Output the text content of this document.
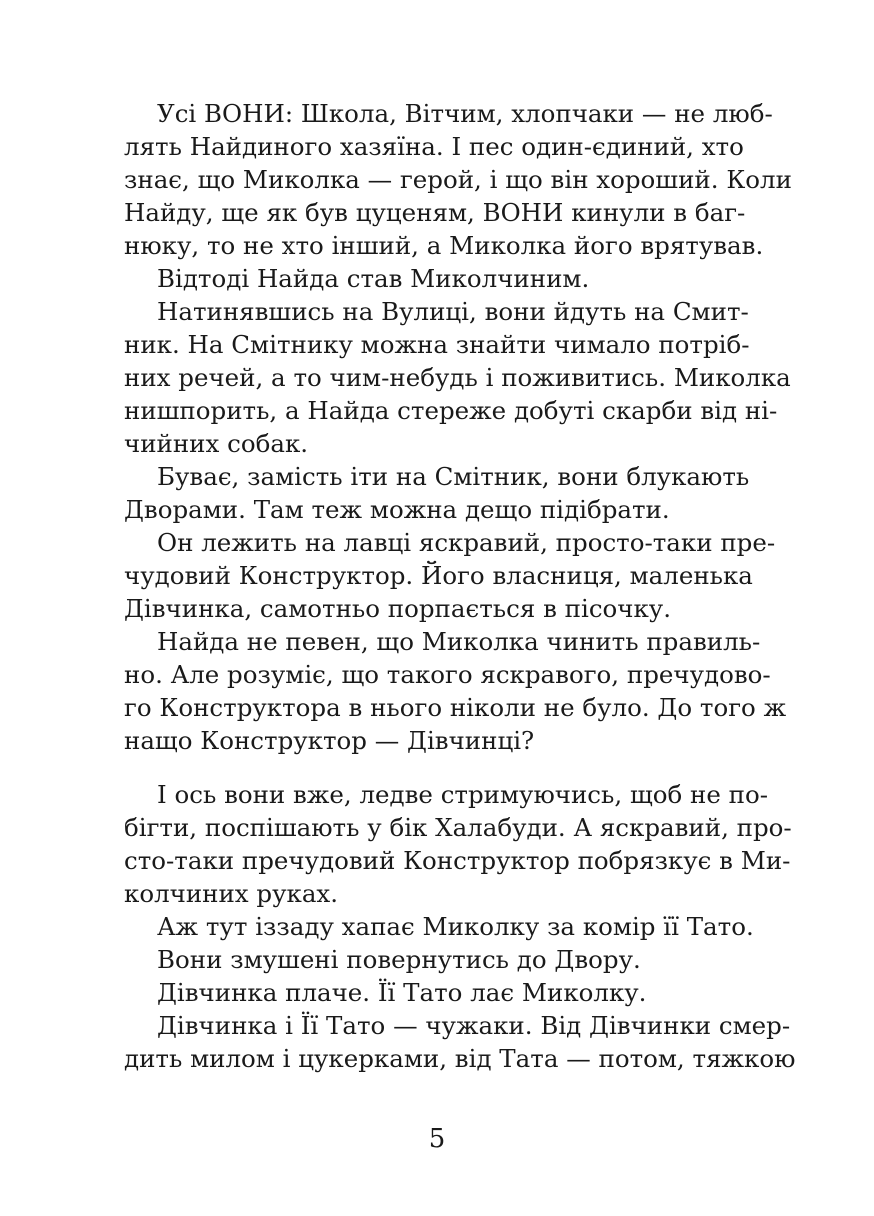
Усі ВОНИ: Школа, Вітчим, хлопчаки — не люб-
лять Найдиного хазяїна. І пес один-єдиний, хто
знає, що Миколка — герой, і що він хороший. Коли
Найду, ще як був цуценям, ВОНИ кинули в баг-
нюку, то не хто інший, а Миколка його врятував.
Відтоді Найда став Миколчиним.
Натинявшись на Вулиці, вони йдуть на Смит-
ник. На Смітнику можна знайти чимало потріб-
них речей, а то чим-небудь і поживитись. Миколка
нишпорить, а Найда стереже добуті скарби від ні-
чийних собак.
Буває, замість іти на Смітник, вони блукають
Дворами. Там теж можна дещо підібрати.
Он лежить на лавці яскравий, просто-таки пре-
чудовий Конструктор. Його власниця, маленька
Дівчинка, самотньо порпається в пісочку.
Найда не певен, що Миколка чинить правиль-
но. Але розуміє, що такого яскравого, пречудово-
го Конструктора в нього ніколи не було. До того ж
нащо Конструктор — Дівчинці?
І ось вони вже, ледве стримуючись, щоб не по-
бігти, поспішають у бік Халабуди. А яскравий, про-
сто-таки пречудовий Конструктор побрязкує в Ми-
колчиних руках.
Аж тут іззаду хапає Миколку за комір її Тато.
Вони змушені повернутись до Двору.
Дівчинка плаче. Її Тато лає Миколку.
Дівчинка і Її Тато — чужаки. Від Дівчинки смер-
дить милом і цукерками, від Тата — потом, тяжкою
5
